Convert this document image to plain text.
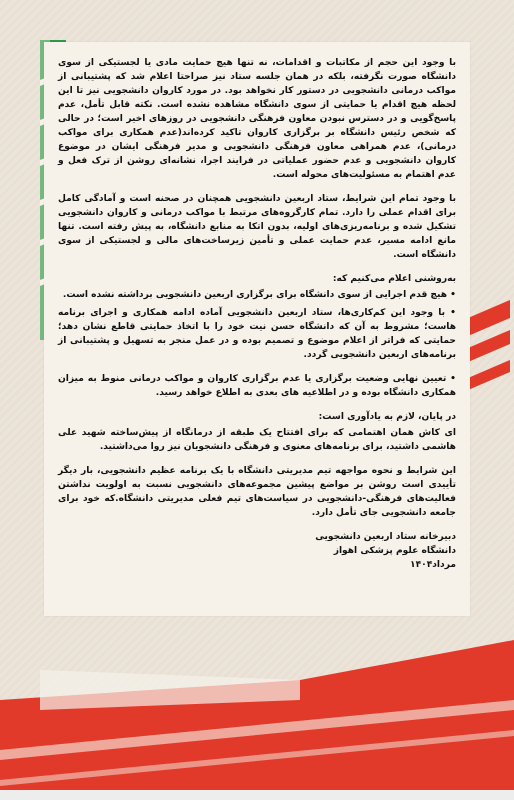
با وجود این حجم از مکاتبات و اقدامات، نه تنها هیچ حمایت مادی یا لجستیکی از سوی دانشگاه صورت نگرفته، بلکه در همان جلسه ستاد نیز صراحتا اعلام شد که پشتیبانی از مواکب درمانی دانشجویی در دستور کار نخواهد بود. در مورد کاروان دانشجویی نیز تا این لحظه هیچ اقدام یا حمایتی از سوی دانشگاه مشاهده نشده است. نکته قابل تأمل، عدم پاسخ‌گویی و در دسترس نبودن معاون فرهنگی دانشجویی در روزهای اخیر است؛ در حالی که شخص رئیس دانشگاه بر برگزاری کاروان تاکید کرده‌اند(عدم همکاری برای مواکب درمانی)، عدم همراهی معاون فرهنگی دانشجویی و مدیر فرهنگی ایشان در موضوع کاروان دانشجویی و عدم حضور عملیاتی در فرایند اجرا، نشانه‌ای روشن از ترک فعل و عدم اهتمام به مسئولیت‌های محوله است.

با وجود تمام این شرایط، ستاد اربعین دانشجویی همچنان در صحنه است و آمادگی کامل برای اقدام عملی را دارد. تمام کارگروه‌های مرتبط با مواکب درمانی و کاروان دانشجویی تشکیل شده و برنامه‌ریزی‌های اولیه، بدون اتکا به منابع دانشگاه، به پیش رفته است. تنها مانع ادامه مسیر، عدم حمایت عملی و تأمین زیرساخت‌های مالی و لجستیکی از سوی دانشگاه است.

به‌روشنی اعلام می‌کنیم که:

• هیچ قدم اجرایی از سوی دانشگاه برای برگزاری اربعین دانشجویی برداشته نشده است.

• با وجود این کم‌کاری‌ها، ستاد اربعین دانشجویی آماده ادامه همکاری و اجرای برنامه هاست؛ مشروط به آن که دانشگاه حسن نیت خود را با اتخاذ حمایتی قاطع نشان دهد؛ حمایتی که فراتر از اعلام موضوع و تصمیم بوده و در عمل منجر به تسهیل و پشتیبانی از برنامه‌های اربعین دانشجویی گردد.

• تعیین نهایی وضعیت برگزاری یا عدم برگزاری کاروان و مواکب درمانی منوط به میزان همکاری دانشگاه بوده و در اطلاعیه های بعدی به اطلاع خواهد رسید.

در پایان، لازم به یادآوری است:

ای کاش همان اهتمامی که برای افتتاح یک طبقه از درمانگاه از پیش‌ساخته شهید علی هاشمی داشتید، برای برنامه‌های معنوی و فرهنگی دانشجویان نیز روا می‌داشتید.

این شرایط و نحوه مواجهه تیم مدیریتی دانشگاه با یک برنامه عظیم دانشجویی، بار دیگر تأییدی است روشن بر مواضع پیشین مجموعه‌های دانشجویی نسبت به اولویت نداشتن فعالیت‌های فرهنگی-دانشجویی در سیاست‌های تیم فعلی مدیریتی دانشگاه.که خود برای جامعه دانشجویی جای تأمل دارد.

دبیرخانه ستاد اربعین دانشجویی

دانشگاه علوم پزشکی اهواز

مرداد۱۴۰۴
